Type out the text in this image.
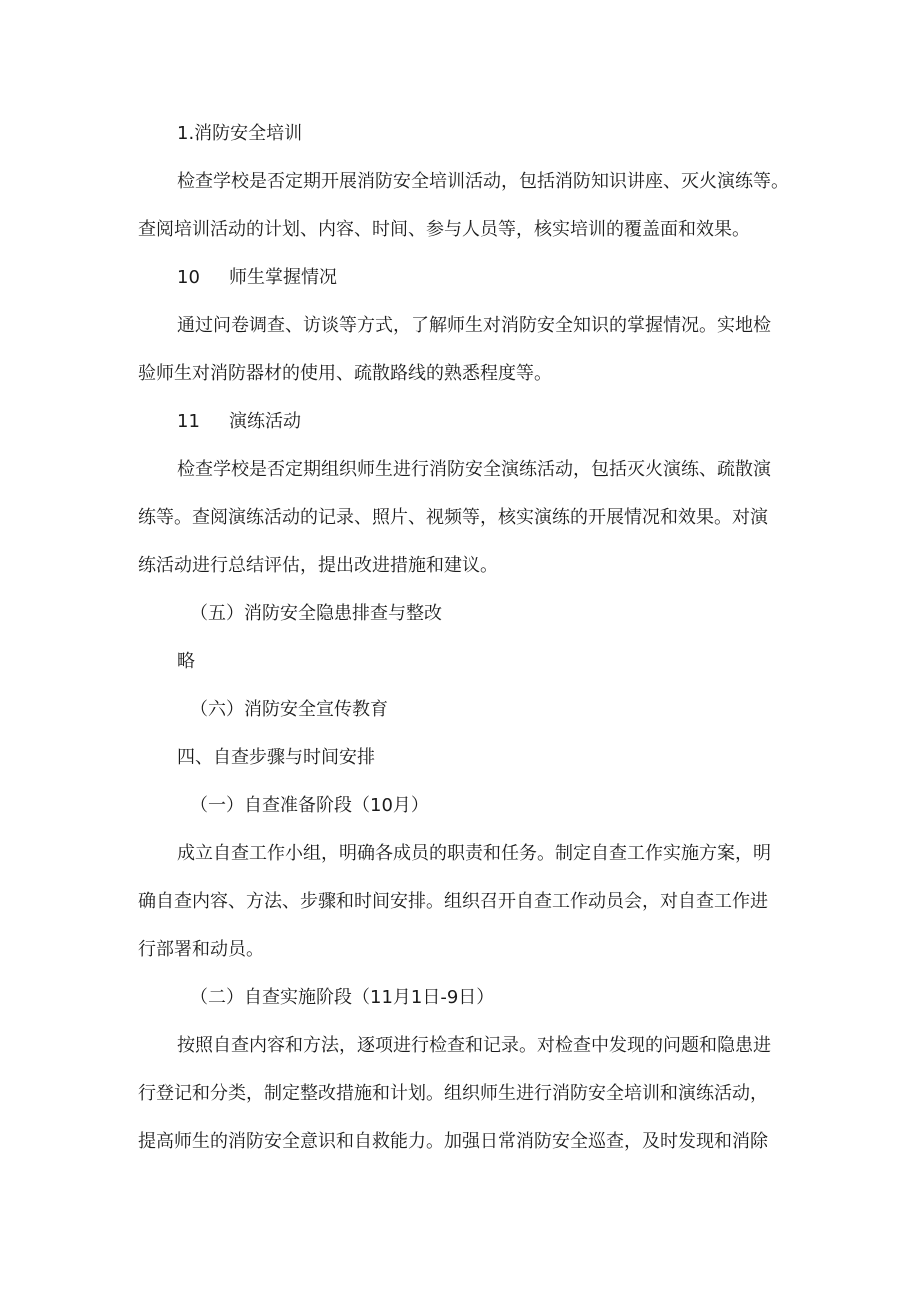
1.消防安全培训
检查学校是否定期开展消防安全培训活动，包括消防知识讲座、灭火演练等。
查阅培训活动的计划、内容、时间、参与人员等，核实培训的覆盖面和效果。
10 师生掌握情况
通过问卷调查、访谈等方式，了解师生对消防安全知识的掌握情况。实地检
验师生对消防器材的使用、疏散路线的熟悉程度等。
11 演练活动
检查学校是否定期组织师生进行消防安全演练活动，包括灭火演练、疏散演
练等。查阅演练活动的记录、照片、视频等，核实演练的开展情况和效果。对演
练活动进行总结评估，提出改进措施和建议。
（五）消防安全隐患排查与整改
略
（六）消防安全宣传教育
四、自查步骤与时间安排
（一）自查准备阶段（10月）
成立自查工作小组，明确各成员的职责和任务。制定自查工作实施方案，明
确自查内容、方法、步骤和时间安排。组织召开自查工作动员会，对自查工作进
行部署和动员。
（二）自查实施阶段（11月1日-9日）
按照自查内容和方法，逐项进行检查和记录。对检查中发现的问题和隐患进
行登记和分类，制定整改措施和计划。组织师生进行消防安全培训和演练活动，
提高师生的消防安全意识和自救能力。加强日常消防安全巡查，及时发现和消除
